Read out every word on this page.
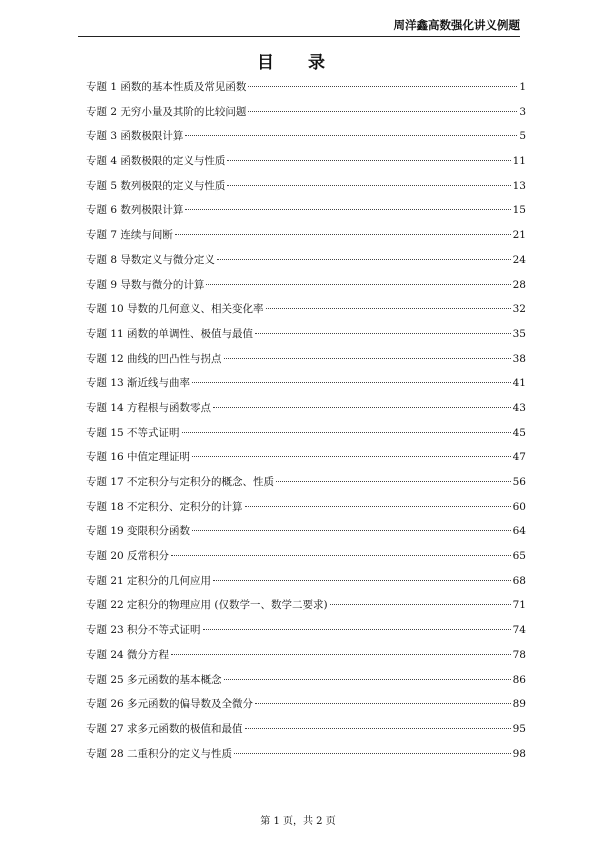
周洋鑫高数强化讲义例题
目 录
专题 1 函数的基本性质及常见函数	1
专题 2 无穷小量及其阶的比较问题	3
专题 3 函数极限计算	5
专题 4 函数极限的定义与性质	11
专题 5 数列极限的定义与性质	13
专题 6 数列极限计算	15
专题 7 连续与间断	21
专题 8 导数定义与微分定义	24
专题 9 导数与微分的计算	28
专题 10 导数的几何意义、相关变化率	32
专题 11 函数的单调性、极值与最值	35
专题 12 曲线的凹凸性与拐点	38
专题 13 渐近线与曲率	41
专题 14 方程根与函数零点	43
专题 15 不等式证明	45
专题 16 中值定理证明	47
专题 17 不定积分与定积分的概念、性质	56
专题 18 不定积分、定积分的计算	60
专题 19 变限积分函数	64
专题 20 反常积分	65
专题 21 定积分的几何应用	68
专题 22 定积分的物理应用 (仅数学一、数学二要求)	71
专题 23 积分不等式证明	74
专题 24 微分方程	78
专题 25 多元函数的基本概念	86
专题 26 多元函数的偏导数及全微分	89
专题 27 求多元函数的极值和最值	95
专题 28 二重积分的定义与性质	98
第 1 页，共 2 页
